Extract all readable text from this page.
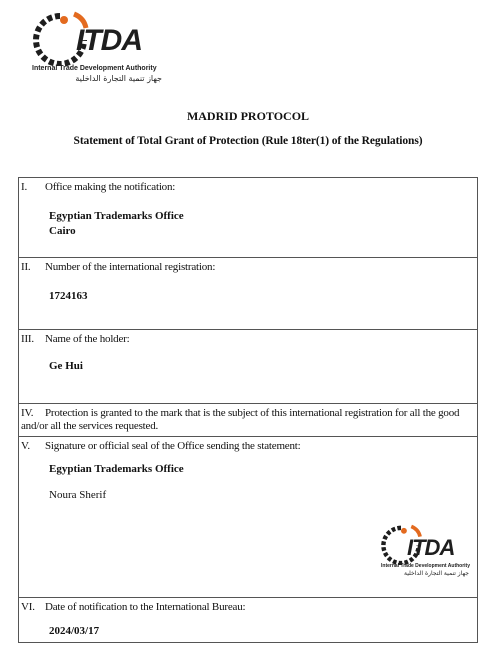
ITDA
Internal Trade Development Authority
جهاز تنمية التجارة الداخلية
MADRID PROTOCOL
Statement of Total Grant of Protection (Rule 18ter(1) of the Regulations)
I. Office making the notification:
Egyptian Trademarks Office
Cairo
II. Number of the international registration:
1724163
III. Name of the holder:
Ge Hui
IV. Protection is granted to the mark that is the subject of this international registration for all the good and/or all the services requested.
V. Signature or official seal of the Office sending the statement:
Egyptian Trademarks Office
Noura Sherif
ITDA
Internal Trade Development Authority
جهاز تنمية التجارة الداخلية
VI. Date of notification to the International Bureau:
2024/03/17
